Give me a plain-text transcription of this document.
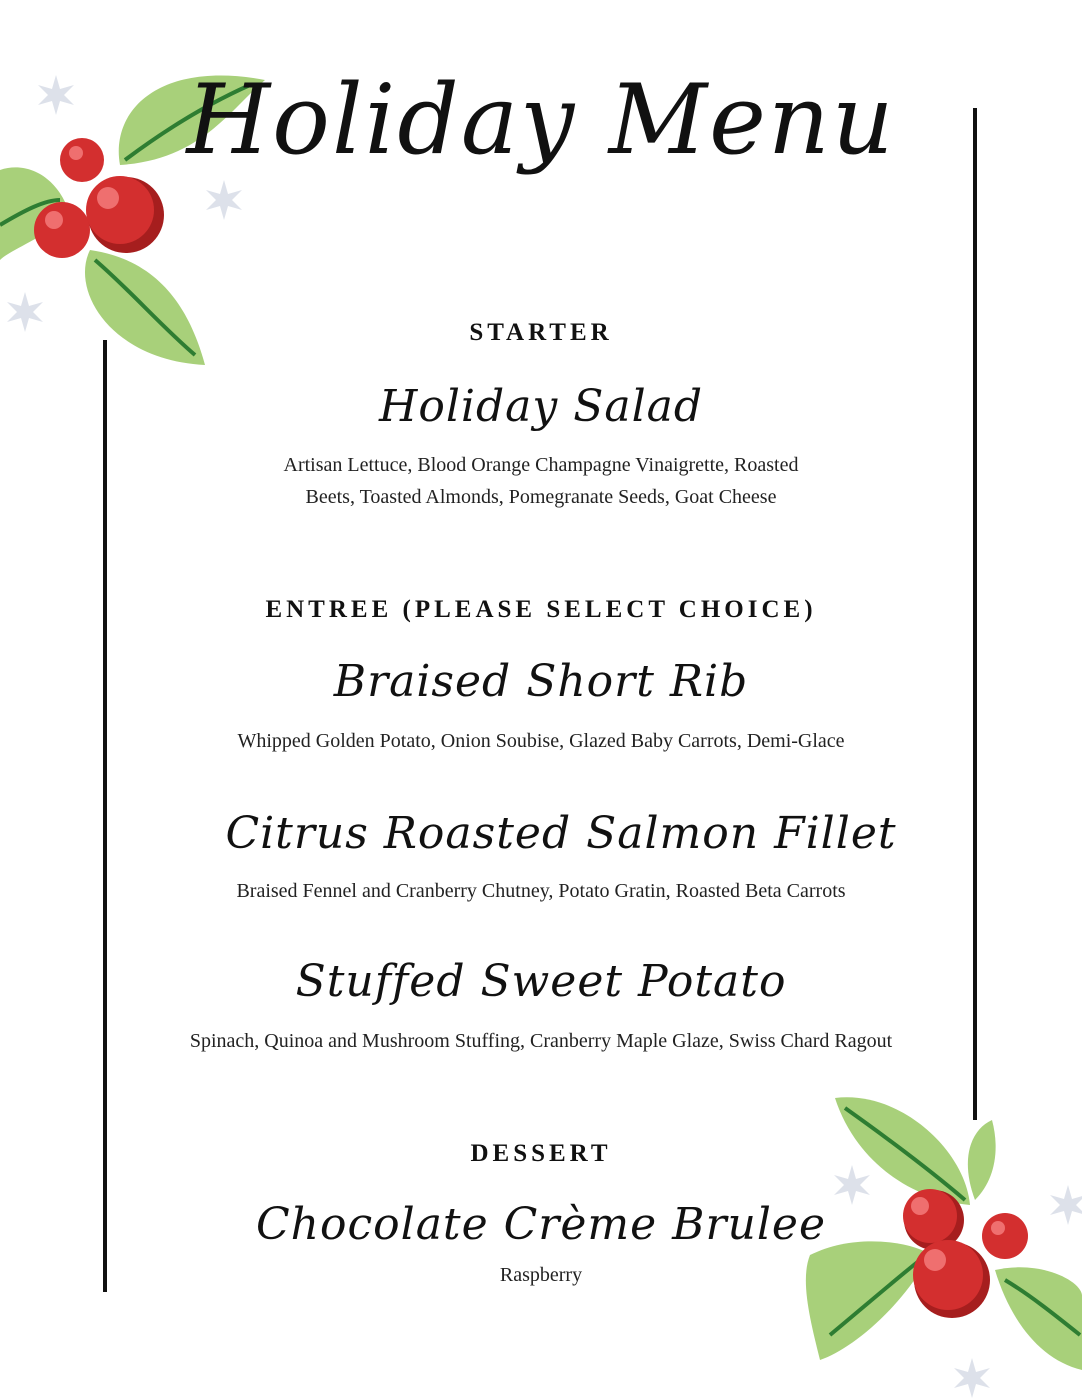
Holiday Menu
STARTER
Holiday Salad
Artisan Lettuce, Blood Orange Champagne Vinaigrette, Roasted
Beets, Toasted Almonds, Pomegranate Seeds, Goat Cheese
ENTREE (PLEASE SELECT CHOICE)
Braised Short Rib
Whipped Golden Potato, Onion Soubise, Glazed Baby Carrots, Demi-Glace
Citrus Roasted Salmon Fillet
Braised Fennel and Cranberry Chutney, Potato Gratin, Roasted Beta Carrots
Stuffed Sweet Potato
Spinach, Quinoa and Mushroom Stuffing, Cranberry Maple Glaze, Swiss Chard Ragout
DESSERT
Chocolate Crème Brulee
Raspberry
